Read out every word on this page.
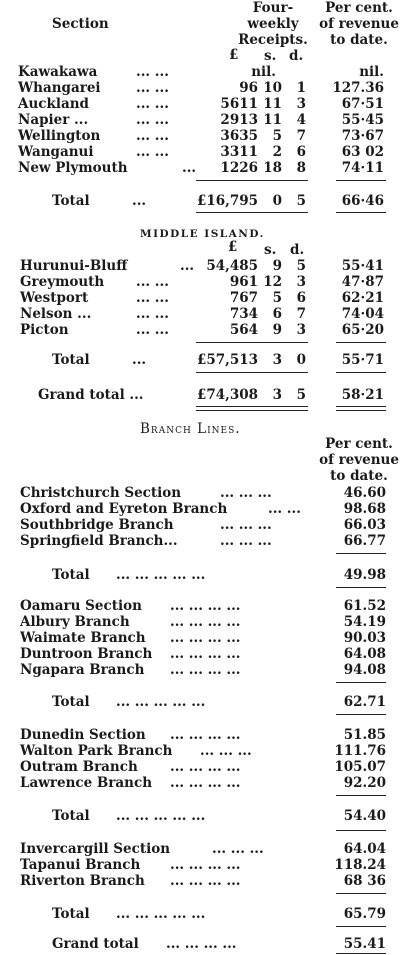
Section
Four-
weekly
Receipts.
Per cent.
of revenue
to date.
£ s. d.
Kawakawa	... ...	nil.	nil.
Whangarei	... ...	96 10	1	127.36
Auckland	... ...	5611 11	3	67·51
Napier ...	... ...	2913 11	4	55·45
Wellington	... ...	3635	5	7	73·67
Wanganui	... ...	3311	2	6	63 02
New Plymouth	...	1226 18	8	74·11
Total	...	£16,795	0	5	66·46
MIDDLE ISLAND.
£ s. d.
Hurunui-Bluff	... 54,485	9	5	55·41
Greymouth ... ...	961 12	3	47·87
Westport	... ...	767	5	6	62·21
Nelson ...	... ...	734	6	7	74·04
Picton	... ...	564	9	3	65·20
Total	...	£57,513	3	0	55·71
Grand total ...	£74,308	3	5	58·21
Branch Lines.
Per cent.
of revenue
to date.
Christchurch Section	... ... ...	46.60
Oxford and Eyreton Branch	... ...	98.68
Southbridge Branch	... ... ...	66.03
Springfield Branch...	... ... ...	66.77
Total ... ... ... ... ...	49.98
Oamaru Section ... ... ... ...	61.52
Albury Branch	... ... ... ...	54.19
Waimate Branch ... ... ... ...	90.03
Duntroon Branch ... ... ... ...	64.08
Ngapara Branch ... ... ... ...	94.08
Total ... ... ... ... ...	62.71
Dunedin Section ... ... ... ...	51.85
Walton Park Branch ... ... ...	111.76
Outram Branch ... ... ... ...	105.07
Lawrence Branch ... ... ... ...	92.20
Total ... ... ... ... ...	54.40
Invercargill Section	... ... ...	64.04
Tapanui Branch ... ... ... ...	118.24
Riverton Branch ... ... ... ...	68 36
Total ... ... ... ... ...	65.79
Grand total ... ... ... ...	55.41
